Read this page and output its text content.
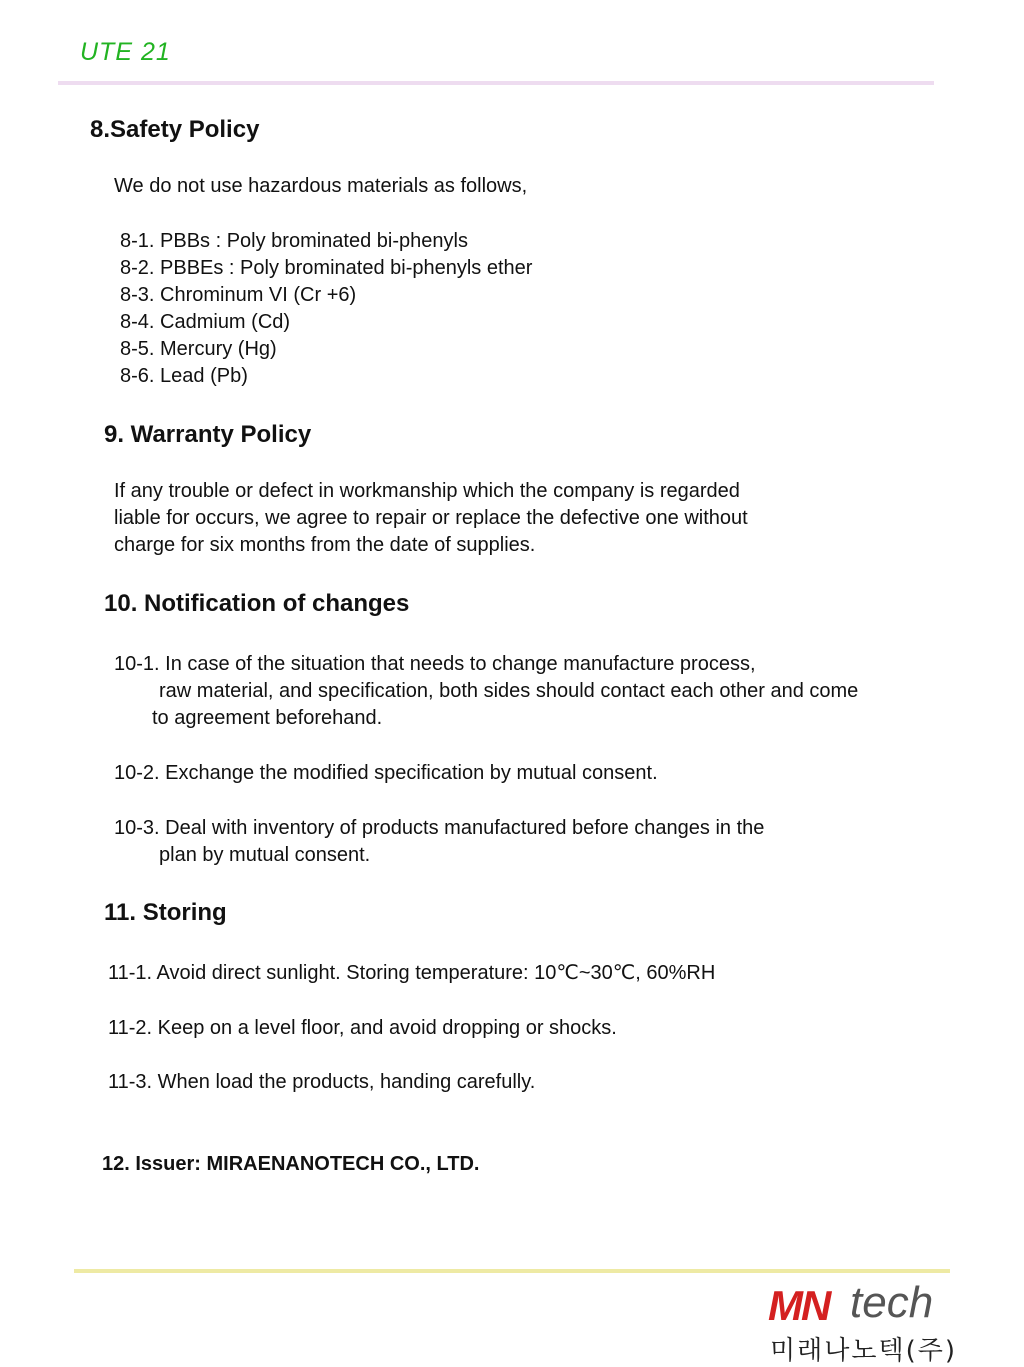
UTE 21
8.Safety Policy
We do not use hazardous materials as follows,
8-1. PBBs : Poly brominated bi-phenyls
8-2. PBBEs : Poly brominated bi-phenyls ether
8-3. Chrominum VI (Cr +6)
8-4. Cadmium (Cd)
8-5. Mercury (Hg)
8-6. Lead (Pb)
9. Warranty Policy
If any trouble or defect in workmanship which the company is regarded
liable for occurs, we agree to repair or replace the defective one without
charge for six months from the date of supplies.
10. Notification of changes
10-1. In case of the situation that needs to change manufacture process,
raw material, and specification, both sides should contact each other and come
to agreement beforehand.
10-2. Exchange the modified specification by mutual consent.
10-3. Deal with inventory of products manufactured before changes in the
plan by mutual consent.
11. Storing
11-1. Avoid direct sunlight. Storing temperature: 10℃~30℃, 60%RH
11-2. Keep on a level floor, and avoid dropping or shocks.
11-3. When load the products, handing carefully.
12. Issuer: MIRAENANOTECH CO., LTD.
MN tech
미래나노텍(주)
